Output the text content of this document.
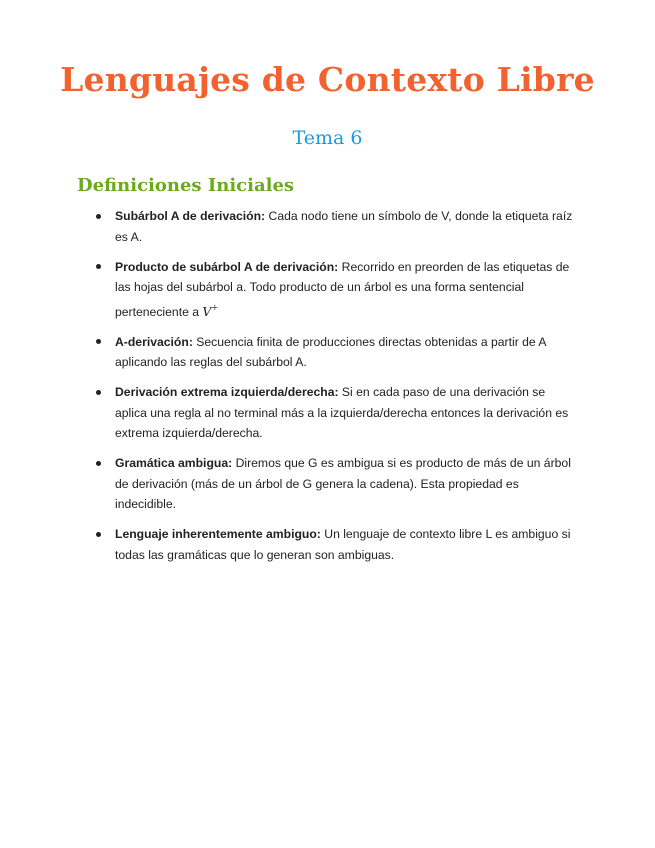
Lenguajes de Contexto Libre
Tema 6
Definiciones Iniciales
Subárbol A de derivación: Cada nodo tiene un símbolo de V, donde la etiqueta raíz es A.
Producto de subárbol A de derivación: Recorrido en preorden de las etiquetas de las hojas del subárbol a. Todo producto de un árbol es una forma sentencial perteneciente a V+
A-derivación: Secuencia finita de producciones directas obtenidas a partir de A aplicando las reglas del subárbol A.
Derivación extrema izquierda/derecha: Si en cada paso de una derivación se aplica una regla al no terminal más a la izquierda/derecha entonces la derivación es extrema izquierda/derecha.
Gramática ambigua: Diremos que G es ambigua si es producto de más de un árbol de derivación (más de un árbol de G genera la cadena). Esta propiedad es indecidible.
Lenguaje inherentemente ambiguo: Un lenguaje de contexto libre L es ambiguo si todas las gramáticas que lo generan son ambiguas.
